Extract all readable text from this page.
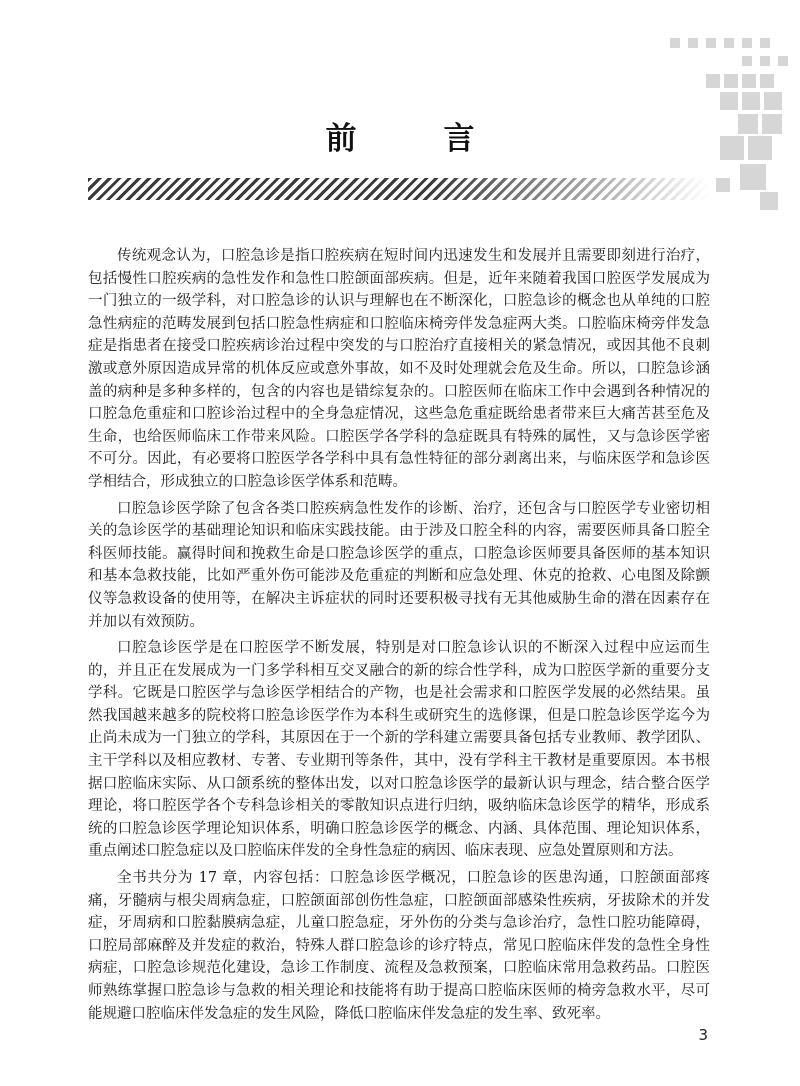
前　言

传统观念认为，口腔急诊是指口腔疾病在短时间内迅速发生和发展并且需要即刻进行治疗，包括慢性口腔疾病的急性发作和急性口腔颌面部疾病。但是，近年来随着我国口腔医学发展成为一门独立的一级学科，对口腔急诊的认识与理解也在不断深化，口腔急诊的概念也从单纯的口腔急性病症的范畴发展到包括口腔急性病症和口腔临床椅旁伴发急症两大类。口腔临床椅旁伴发急症是指患者在接受口腔疾病诊治过程中突发的与口腔治疗直接相关的紧急情况，或因其他不良刺激或意外原因造成异常的机体反应或意外事故，如不及时处理就会危及生命。所以，口腔急诊涵盖的病种是多种多样的，包含的内容也是错综复杂的。口腔医师在临床工作中会遇到各种情况的口腔急危重症和口腔诊治过程中的全身急症情况，这些急危重症既给患者带来巨大痛苦甚至危及生命，也给医师临床工作带来风险。口腔医学各学科的急症既具有特殊的属性，又与急诊医学密不可分。因此，有必要将口腔医学各学科中具有急性特征的部分剥离出来，与临床医学和急诊医学相结合，形成独立的口腔急诊医学体系和范畴。

口腔急诊医学除了包含各类口腔疾病急性发作的诊断、治疗，还包含与口腔医学专业密切相关的急诊医学的基础理论知识和临床实践技能。由于涉及口腔全科的内容，需要医师具备口腔全科医师技能。赢得时间和挽救生命是口腔急诊医学的重点，口腔急诊医师要具备医师的基本知识和基本急救技能，比如严重外伤可能涉及危重症的判断和应急处理、休克的抢救、心电图及除颤仪等急救设备的使用等，在解决主诉症状的同时还要积极寻找有无其他威胁生命的潜在因素存在并加以有效预防。

口腔急诊医学是在口腔医学不断发展，特别是对口腔急诊认识的不断深入过程中应运而生的，并且正在发展成为一门多学科相互交叉融合的新的综合性学科，成为口腔医学新的重要分支学科。它既是口腔医学与急诊医学相结合的产物，也是社会需求和口腔医学发展的必然结果。虽然我国越来越多的院校将口腔急诊医学作为本科生或研究生的选修课，但是口腔急诊医学迄今为止尚未成为一门独立的学科，其原因在于一个新的学科建立需要具备包括专业教师、教学团队、主干学科以及相应教材、专著、专业期刊等条件，其中，没有学科主干教材是重要原因。本书根据口腔临床实际、从口颌系统的整体出发，以对口腔急诊医学的最新认识与理念，结合整合医学理论，将口腔医学各个专科急诊相关的零散知识点进行归纳，吸纳临床急诊医学的精华，形成系统的口腔急诊医学理论知识体系，明确口腔急诊医学的概念、内涵、具体范围、理论知识体系，重点阐述口腔急症以及口腔临床伴发的全身性急症的病因、临床表现、应急处置原则和方法。

全书共分为 17 章，内容包括：口腔急诊医学概况，口腔急诊的医患沟通，口腔颌面部疼痛，牙髓病与根尖周病急症，口腔颌面部创伤性急症，口腔颌面部感染性疾病，牙拔除术的并发症，牙周病和口腔黏膜病急症，儿童口腔急症，牙外伤的分类与急诊治疗，急性口腔功能障碍，口腔局部麻醉及并发症的救治，特殊人群口腔急诊的诊疗特点，常见口腔临床伴发的急性全身性病症，口腔急诊规范化建设，急诊工作制度、流程及急救预案，口腔临床常用急救药品。口腔医师熟练掌握口腔急诊与急救的相关理论和技能将有助于提高口腔临床医师的椅旁急救水平，尽可能规避口腔临床伴发急症的发生风险，降低口腔临床伴发急症的发生率、致死率。

3
